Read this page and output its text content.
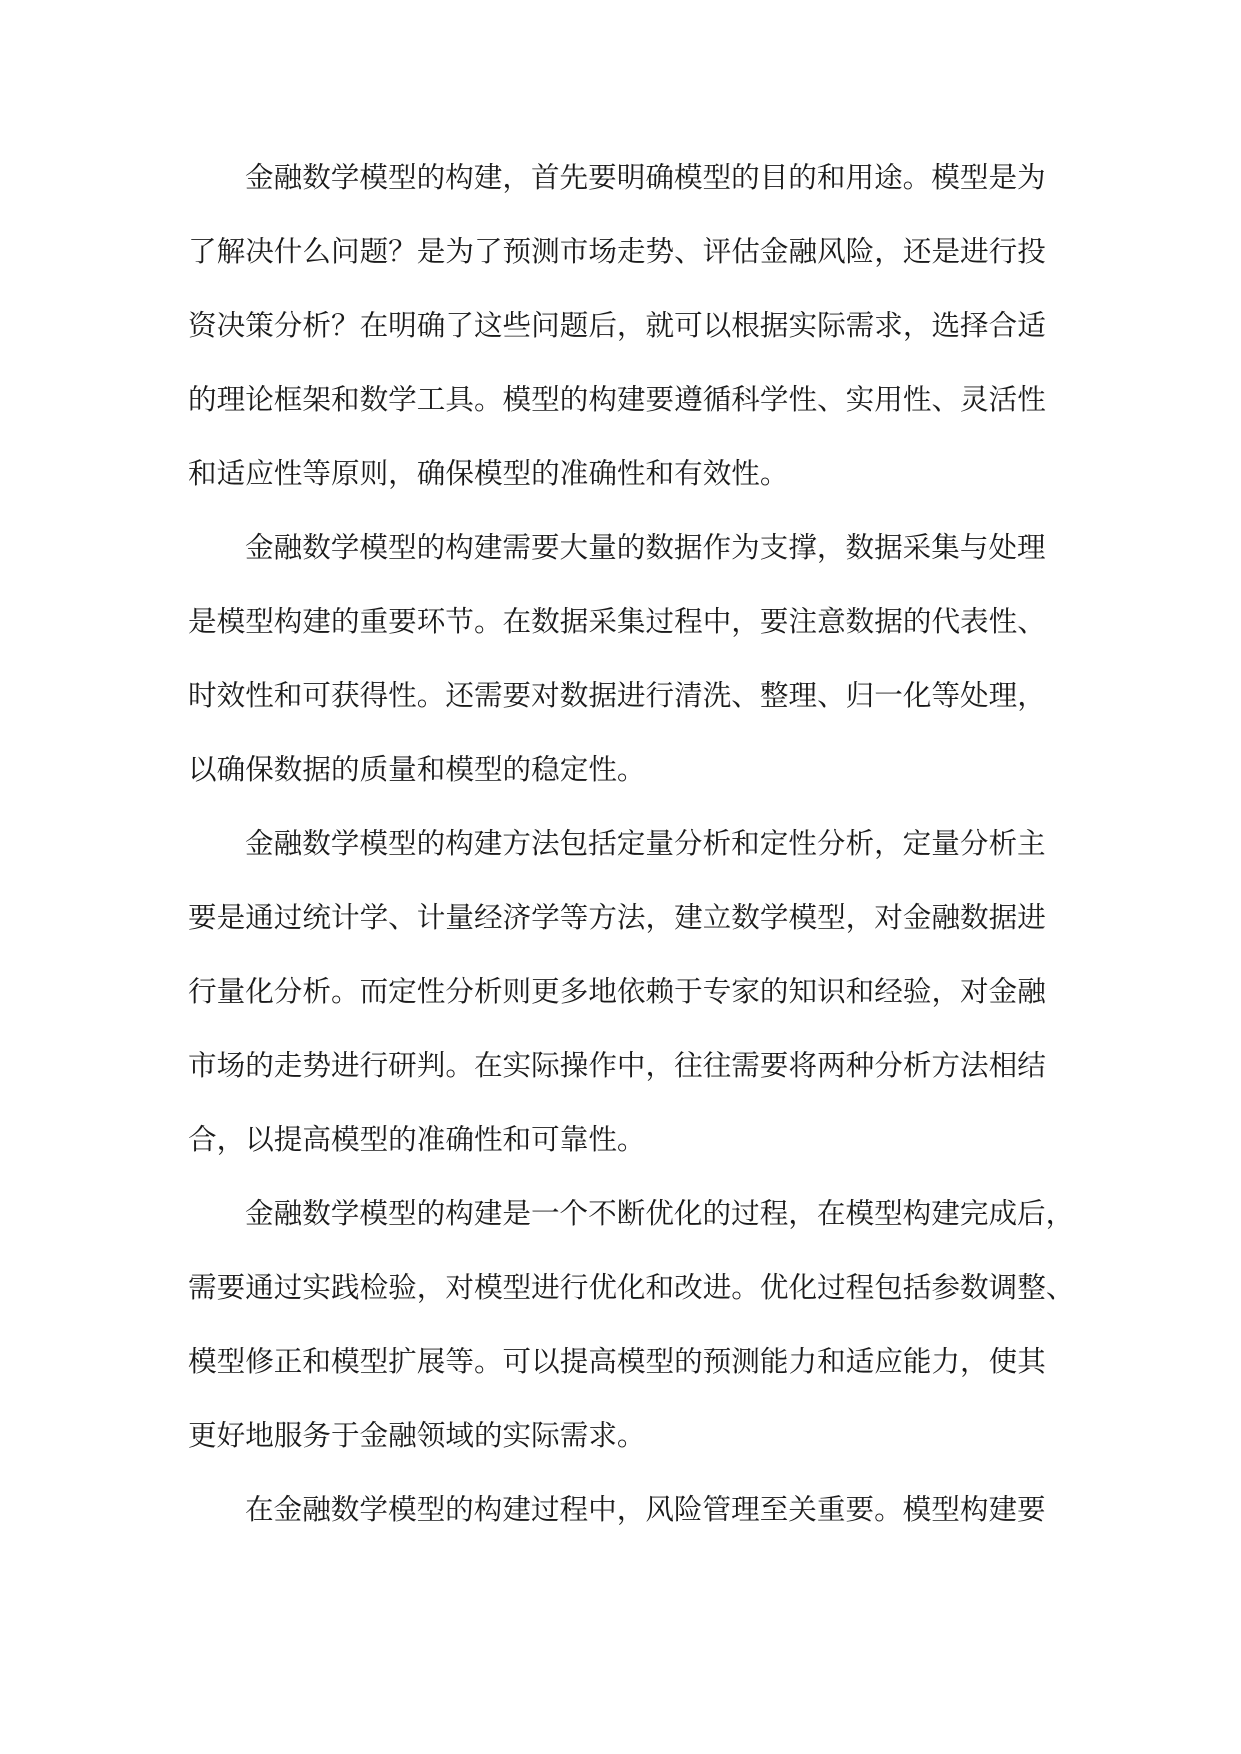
金融数学模型的构建，首先要明确模型的目的和用途。模型是为
了解决什么问题？是为了预测市场走势、评估金融风险，还是进行投
资决策分析？在明确了这些问题后，就可以根据实际需求，选择合适
的理论框架和数学工具。模型的构建要遵循科学性、实用性、灵活性
和适应性等原则，确保模型的准确性和有效性。
金融数学模型的构建需要大量的数据作为支撑，数据采集与处理
是模型构建的重要环节。在数据采集过程中，要注意数据的代表性、
时效性和可获得性。还需要对数据进行清洗、整理、归一化等处理，
以确保数据的质量和模型的稳定性。
金融数学模型的构建方法包括定量分析和定性分析，定量分析主
要是通过统计学、计量经济学等方法，建立数学模型，对金融数据进
行量化分析。而定性分析则更多地依赖于专家的知识和经验，对金融
市场的走势进行研判。在实际操作中，往往需要将两种分析方法相结
合，以提高模型的准确性和可靠性。
金融数学模型的构建是一个不断优化的过程，在模型构建完成后，
需要通过实践检验，对模型进行优化和改进。优化过程包括参数调整、
模型修正和模型扩展等。可以提高模型的预测能力和适应能力，使其
更好地服务于金融领域的实际需求。
在金融数学模型的构建过程中，风险管理至关重要。模型构建要
